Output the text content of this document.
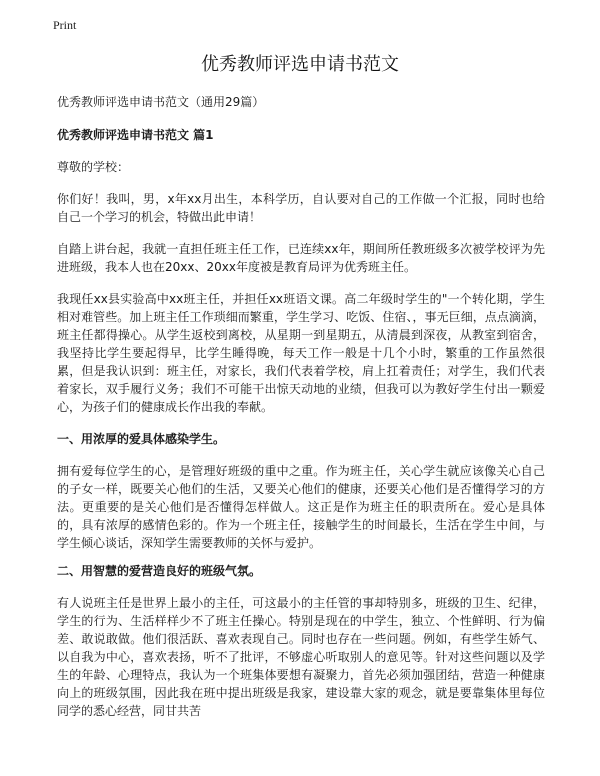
Print
优秀教师评选申请书范文

优秀教师评选申请书范文（通用29篇）

优秀教师评选申请书范文 篇1

尊敬的学校：

你们好！我叫，男，x年xx月出生，本科学历，自认要对自己的工作做一个汇报，同时也给自己一个学习的机会，特做出此申请！

自踏上讲台起，我就一直担任班主任工作，已连续xx年，期间所任教班级多次被学校评为先进班级，我本人也在20xx、20xx年度被是教育局评为优秀班主任。

我现任xx县实验高中xx班主任，并担任xx班语文课。高二年级时学生的"一个转化期，学生相对难管些。加上班主任工作琐细而繁重，学生学习、吃饭、住宿、，事无巨细，点点滴滴，班主任都得操心。从学生返校到离校，从星期一到星期五，从清晨到深夜，从教室到宿舍，我坚持比学生要起得早，比学生睡得晚，每天工作一般是十几个小时，繁重的工作虽然很累，但是我认识到：班主任，对家长，我们代表着学校，肩上扛着责任；对学生，我们代表着家长，双手履行义务；我们不可能干出惊天动地的业绩，但我可以为教好学生付出一颗爱心，为孩子们的健康成长作出我的奉献。

一、用浓厚的爱具体感染学生。

拥有爱每位学生的心，是管理好班级的重中之重。作为班主任，关心学生就应该像关心自己的子女一样，既要关心他们的生活，又要关心他们的健康，还要关心他们是否懂得学习的方法。更重要的是关心他们是否懂得怎样做人。这正是作为班主任的职责所在。爱心是具体的，具有浓厚的感情色彩的。作为一个班主任，接触学生的时间最长，生活在学生中间，与学生倾心谈话，深知学生需要教师的关怀与爱护。

二、用智慧的爱营造良好的班级气氛。

有人说班主任是世界上最小的主任，可这最小的主任管的事却特别多，班级的卫生、纪律，学生的行为、生活样样少不了班主任操心。特别是现在的中学生，独立、个性鲜明、行为偏差、敢说敢做。他们很活跃、喜欢表现自己。同时也存在一些问题。例如，有些学生娇气、以自我为中心，喜欢表扬，听不了批评，不够虚心听取别人的意见等。针对这些问题以及学生的年龄、心理特点，我认为一个班集体要想有凝聚力，首先必须加强团结，营造一种健康向上的班级氛围，因此我在班中提出班级是我家，建设靠大家的观念，就是要靠集体里每位同学的悉心经营，同甘共苦
